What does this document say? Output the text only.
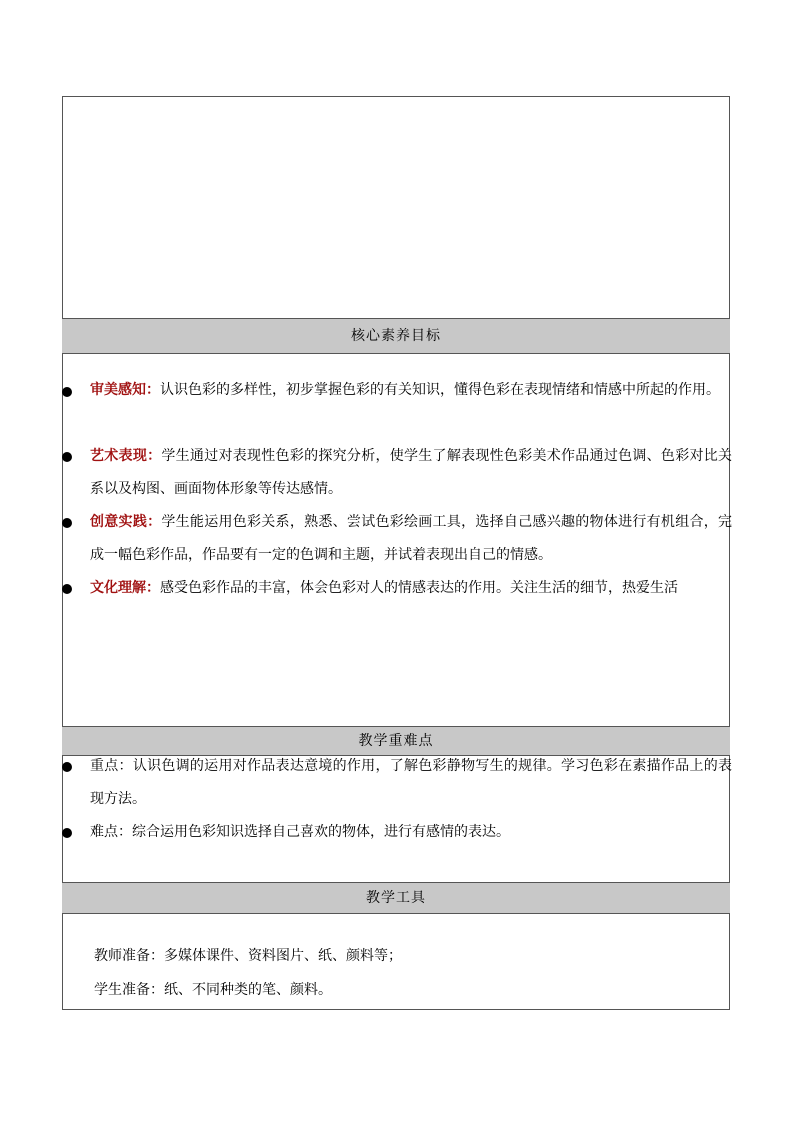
核心素养目标
审美感知：认识色彩的多样性，初步掌握色彩的有关知识，懂得色彩在表现情绪和情感中所起的作用。
艺术表现：学生通过对表现性色彩的探究分析，使学生了解表现性色彩美术作品通过色调、色彩对比关系以及构图、画面物体形象等传达感情。
创意实践：学生能运用色彩关系，熟悉、尝试色彩绘画工具，选择自己感兴趣的物体进行有机组合，完成一幅色彩作品，作品要有一定的色调和主题，并试着表现出自己的情感。
文化理解：感受色彩作品的丰富，体会色彩对人的情感表达的作用。关注生活的细节，热爱生活
教学重难点
重点：认识色调的运用对作品表达意境的作用，了解色彩静物写生的规律。学习色彩在素描作品上的表现方法。
难点：综合运用色彩知识选择自己喜欢的物体，进行有感情的表达。
教学工具
教师准备：多媒体课件、资料图片、纸、颜料等；
学生准备：纸、不同种类的笔、颜料。
